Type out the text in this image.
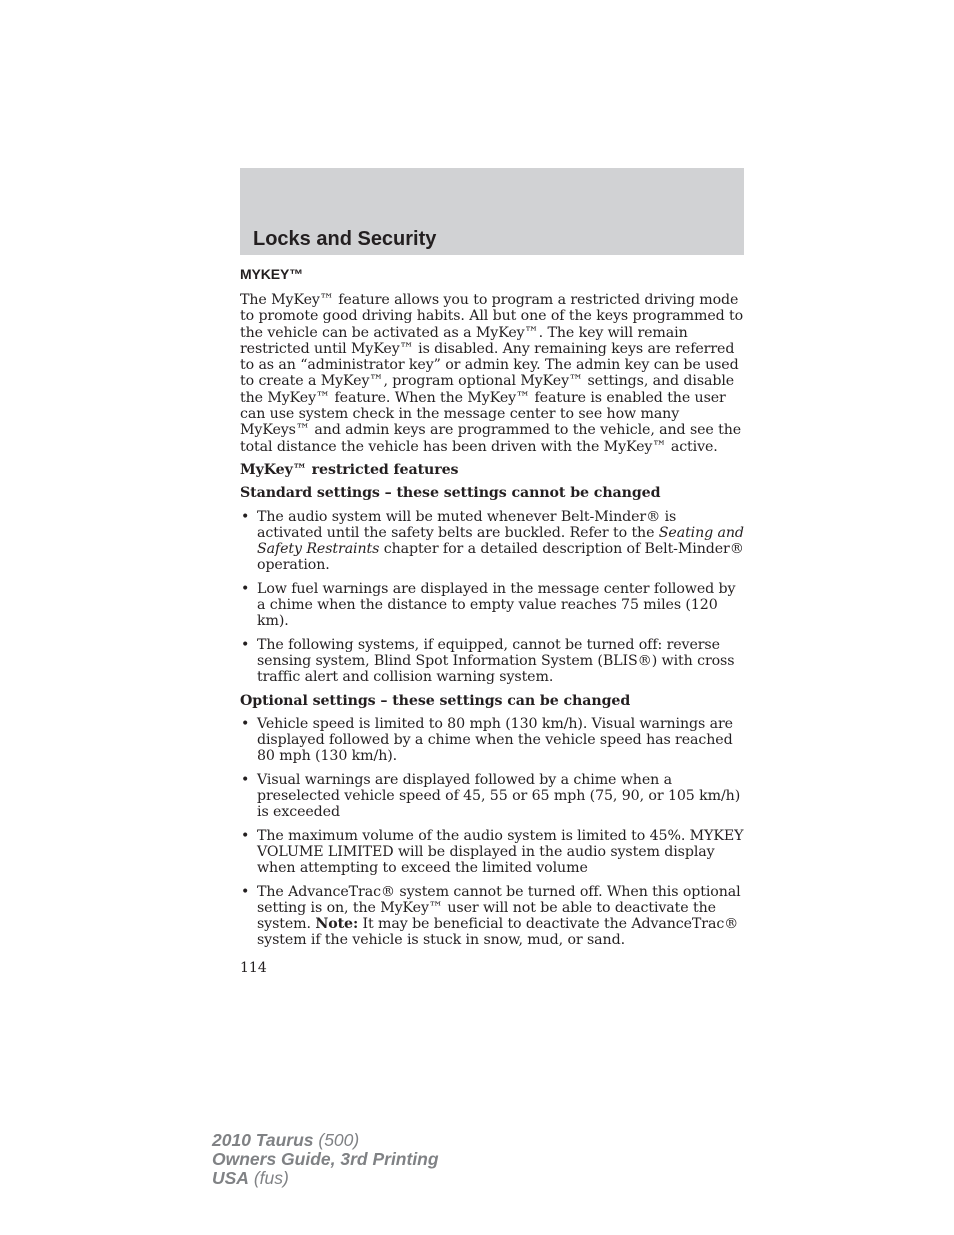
Locks and Security
MYKEY™

The MyKey™ feature allows you to program a restricted driving mode to promote good driving habits. All but one of the keys programmed to the vehicle can be activated as a MyKey™. The key will remain restricted until MyKey™ is disabled. Any remaining keys are referred to as an “administrator key” or admin key. The admin key can be used to create a MyKey™, program optional MyKey™ settings, and disable the MyKey™ feature. When the MyKey™ feature is enabled the user can use system check in the message center to see how many MyKeys™ and admin keys are programmed to the vehicle, and see the total distance the vehicle has been driven with the MyKey™ active.

MyKey™ restricted features

Standard settings – these settings cannot be changed

• The audio system will be muted whenever Belt-Minder® is activated until the safety belts are buckled. Refer to the Seating and Safety Restraints chapter for a detailed description of Belt-Minder® operation.
• Low fuel warnings are displayed in the message center followed by a chime when the distance to empty value reaches 75 miles (120 km).
• The following systems, if equipped, cannot be turned off: reverse sensing system, Blind Spot Information System (BLIS®) with cross traffic alert and collision warning system.

Optional settings – these settings can be changed

• Vehicle speed is limited to 80 mph (130 km/h). Visual warnings are displayed followed by a chime when the vehicle speed has reached 80 mph (130 km/h).
• Visual warnings are displayed followed by a chime when a preselected vehicle speed of 45, 55 or 65 mph (75, 90, or 105 km/h) is exceeded
• The maximum volume of the audio system is limited to 45%. MYKEY VOLUME LIMITED will be displayed in the audio system display when attempting to exceed the limited volume
• The AdvanceTrac® system cannot be turned off. When this optional setting is on, the MyKey™ user will not be able to deactivate the system. Note: It may be beneficial to deactivate the AdvanceTrac® system if the vehicle is stuck in snow, mud, or sand.
114
2010 Taurus (500)
Owners Guide, 3rd Printing
USA (fus)
